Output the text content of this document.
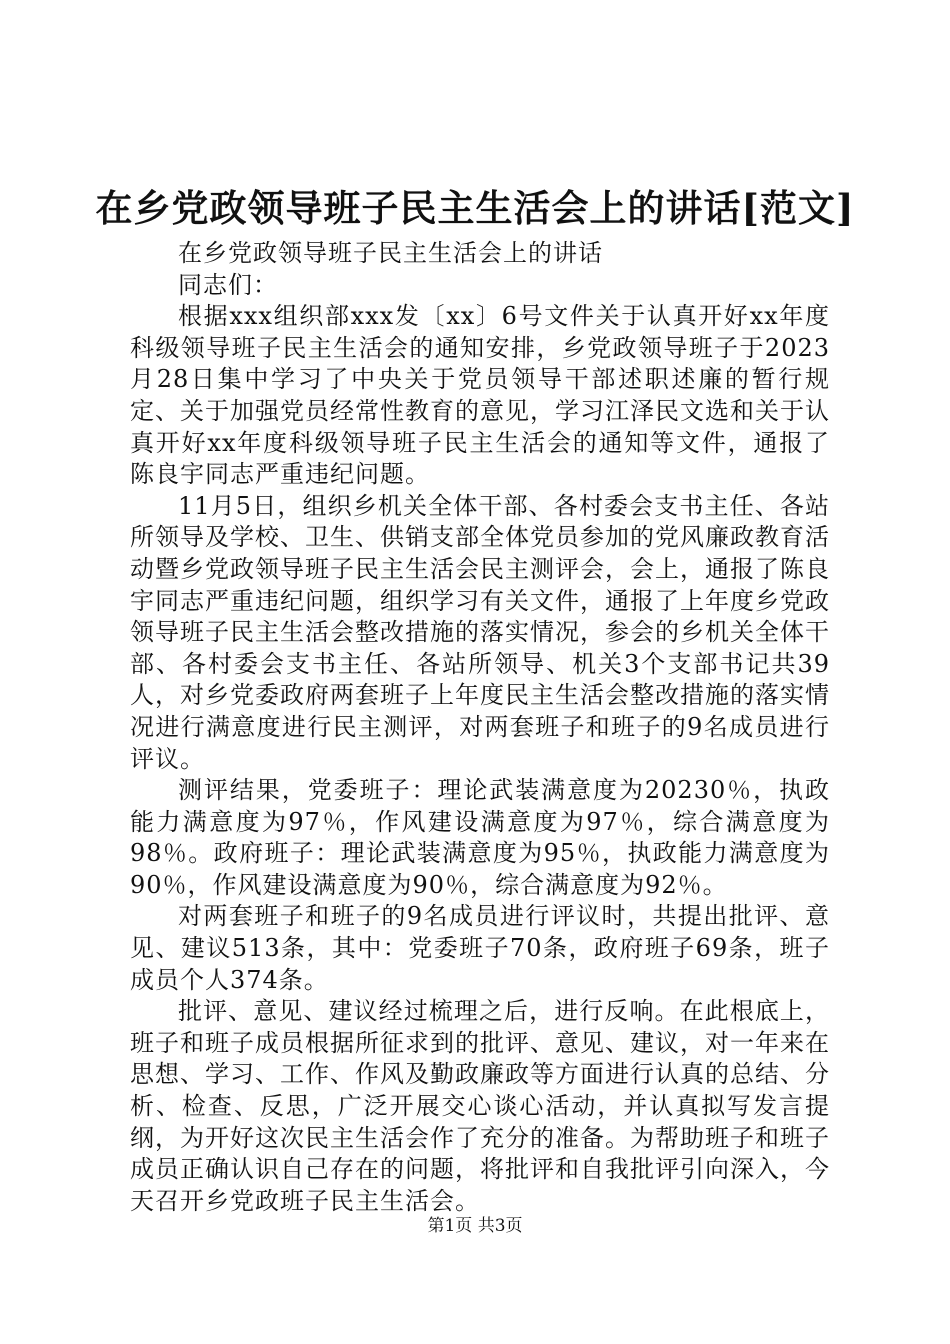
在乡党政领导班子民主生活会上的讲话[范文]

在乡党政领导班子民主生活会上的讲话

同志们：

根据xxx组织部xxx发〔xx〕6号文件关于认真开好xx年度科级领导班子民主生活会的通知安排，乡党政领导班子于2023月28日集中学习了中央关于党员领导干部述职述廉的暂行规定、关于加强党员经常性教育的意见，学习江泽民文选和关于认真开好xx年度科级领导班子民主生活会的通知等文件，通报了陈良宇同志严重违纪问题。

11月5日，组织乡机关全体干部、各村委会支书主任、各站所领导及学校、卫生、供销支部全体党员参加的党风廉政教育活动暨乡党政领导班子民主生活会民主测评会，会上，通报了陈良宇同志严重违纪问题，组织学习有关文件，通报了上年度乡党政领导班子民主生活会整改措施的落实情况，参会的乡机关全体干部、各村委会支书主任、各站所领导、机关3个支部书记共39人，对乡党委政府两套班子上年度民主生活会整改措施的落实情况进行满意度进行民主测评，对两套班子和班子的9名成员进行评议。

测评结果，党委班子：理论武装满意度为20230％，执政能力满意度为97％，作风建设满意度为97％，综合满意度为98％。政府班子：理论武装满意度为95％，执政能力满意度为90％，作风建设满意度为90％，综合满意度为92％。

对两套班子和班子的9名成员进行评议时，共提出批评、意见、建议513条，其中：党委班子70条，政府班子69条，班子成员个人374条。

批评、意见、建议经过梳理之后，进行反响。在此根底上，班子和班子成员根据所征求到的批评、意见、建议，对一年来在思想、学习、工作、作风及勤政廉政等方面进行认真的总结、分析、检查、反思，广泛开展交心谈心活动，并认真拟写发言提纲，为开好这次民主生活会作了充分的准备。为帮助班子和班子成员正确认识自己存在的问题，将批评和自我批评引向深入，今天召开乡党政班子民主生活会。

第1页 共3页
